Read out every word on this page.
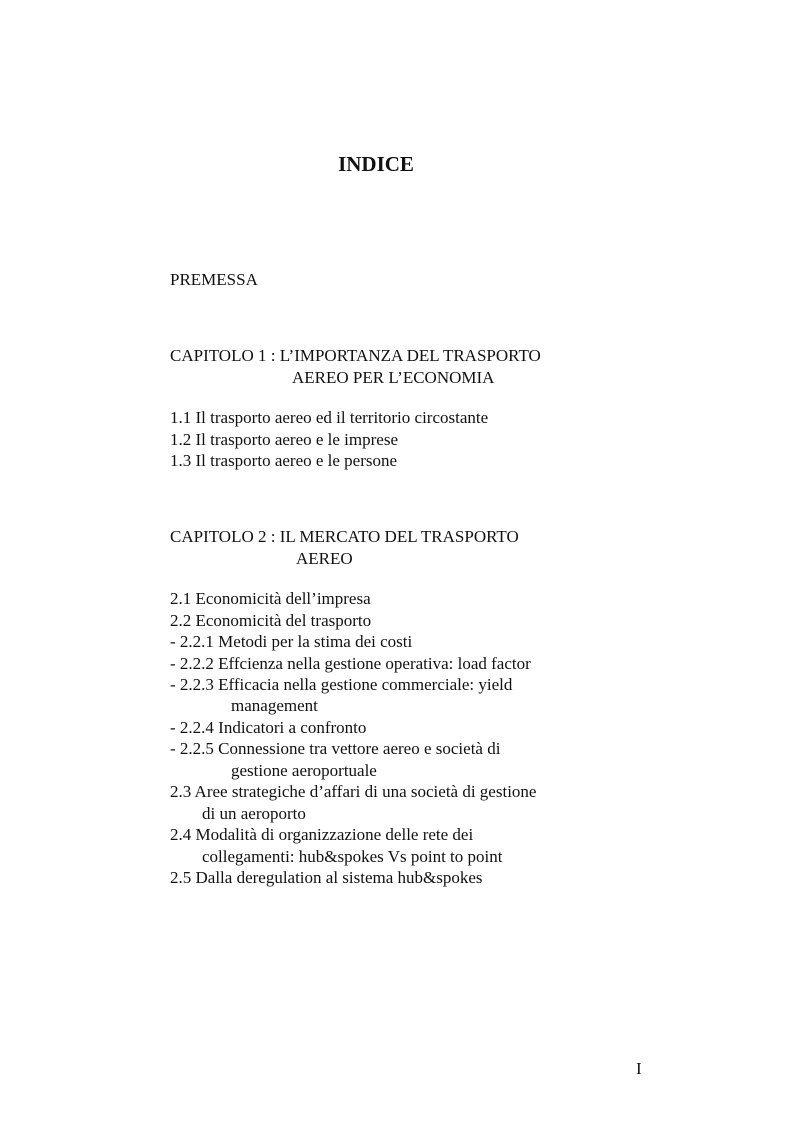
INDICE

PREMESSA

CAPITOLO 1 : L’IMPORTANZA DEL TRASPORTO

AEREO PER L’ECONOMIA

1.1 Il trasporto aereo ed il territorio circostante

1.2 Il trasporto aereo e le imprese

1.3 Il trasporto aereo e le persone

CAPITOLO 2 : IL MERCATO DEL TRASPORTO

AEREO

2.1 Economicità dell’impresa

2.2 Economicità del trasporto

- 2.2.1 Metodi per la stima dei costi

- 2.2.2 Effcienza nella gestione operativa: load factor

- 2.2.3 Efficacia nella gestione commerciale: yield

management

- 2.2.4 Indicatori a confronto

- 2.2.5 Connessione tra vettore aereo e società di

gestione aeroportuale

2.3 Aree strategiche d’affari di una società di gestione

di un aeroporto

2.4 Modalità di organizzazione delle rete dei

collegamenti: hub&spokes Vs point to point

2.5 Dalla deregulation al sistema hub&spokes

I
